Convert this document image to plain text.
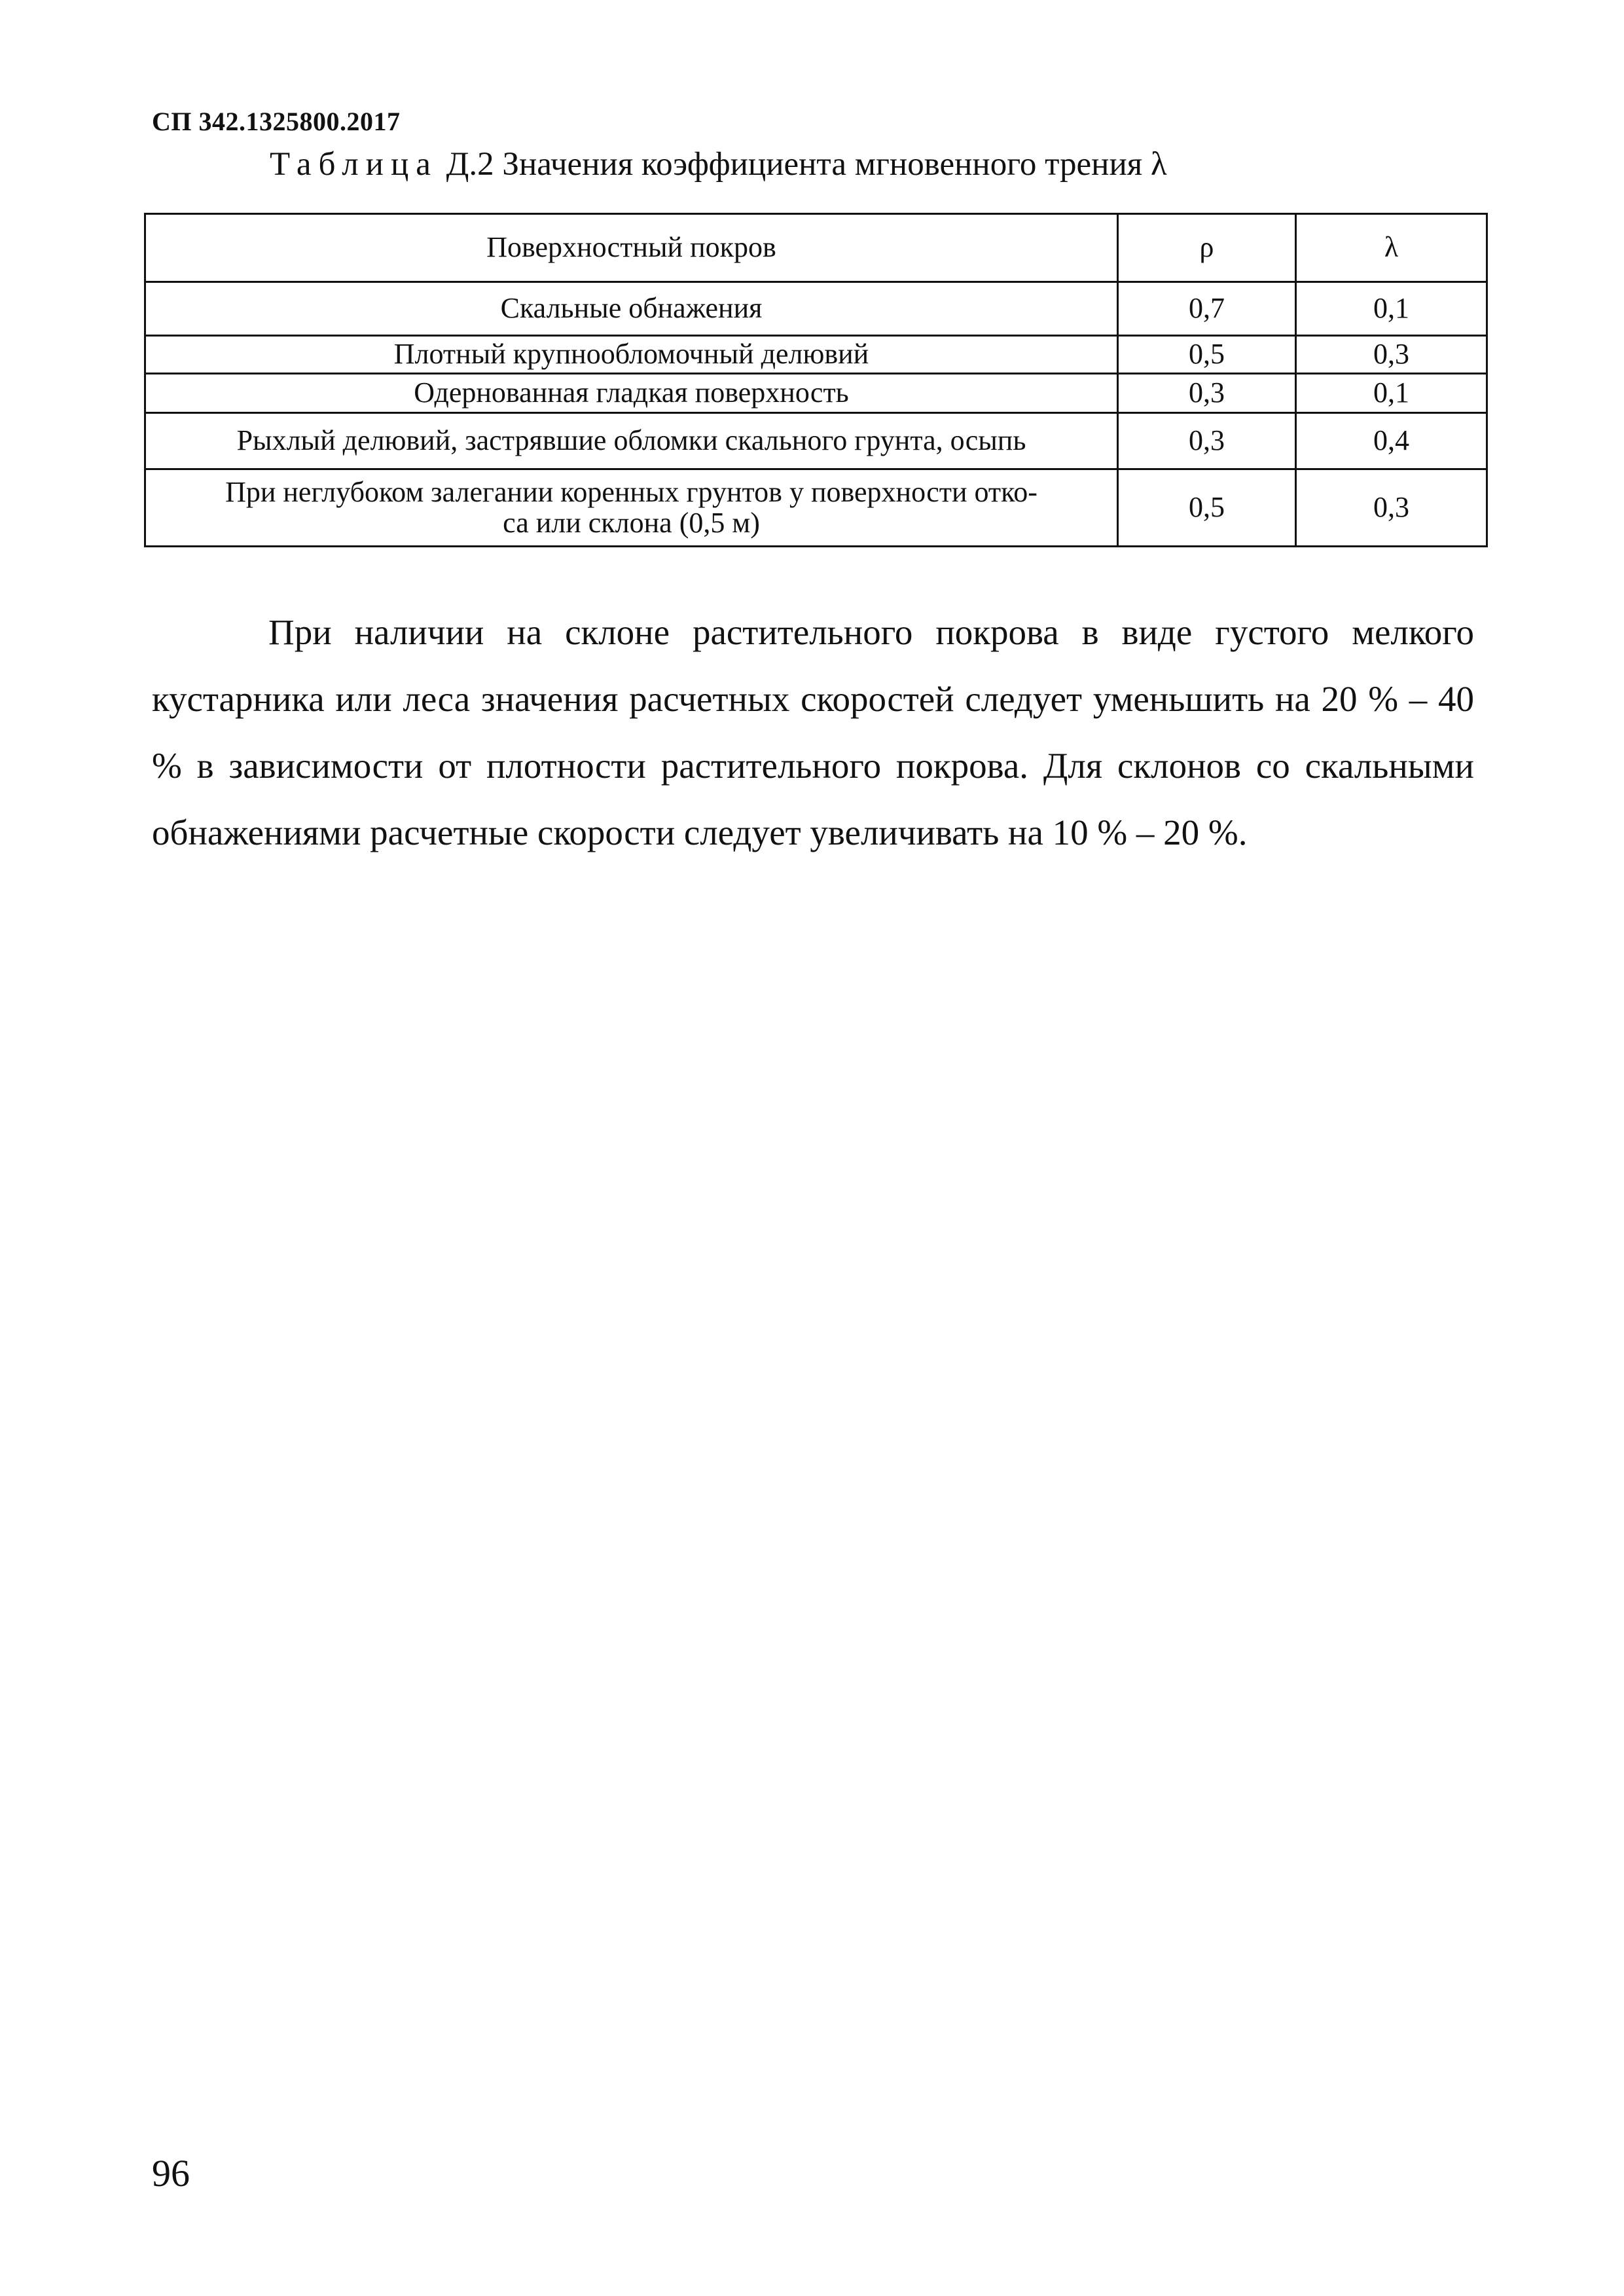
СП 342.1325800.2017
Таблица Д.2 Значения коэффициента мгновенного трения λ
Поверхностный покров	ρ	λ
Скальные обнажения	0,7	0,1
Плотный крупнообломочный делювий	0,5	0,3
Одернованная гладкая поверхность	0,3	0,1
Рыхлый делювий, застрявшие обломки скального грунта, осыпь	0,3	0,4
При неглубоком залегании коренных грунтов у поверхности отко-
са или склона (0,5 м)	0,5	0,3

При наличии на склоне растительного покрова в виде густого мелкого кустарника или леса значения расчетных скоростей следует уменьшить на 20 % – 40 % в зависимости от плотности растительного покрова. Для склонов со скальными обнажениями расчетные скорости следует увеличивать на 10 % – 20 %.

96
